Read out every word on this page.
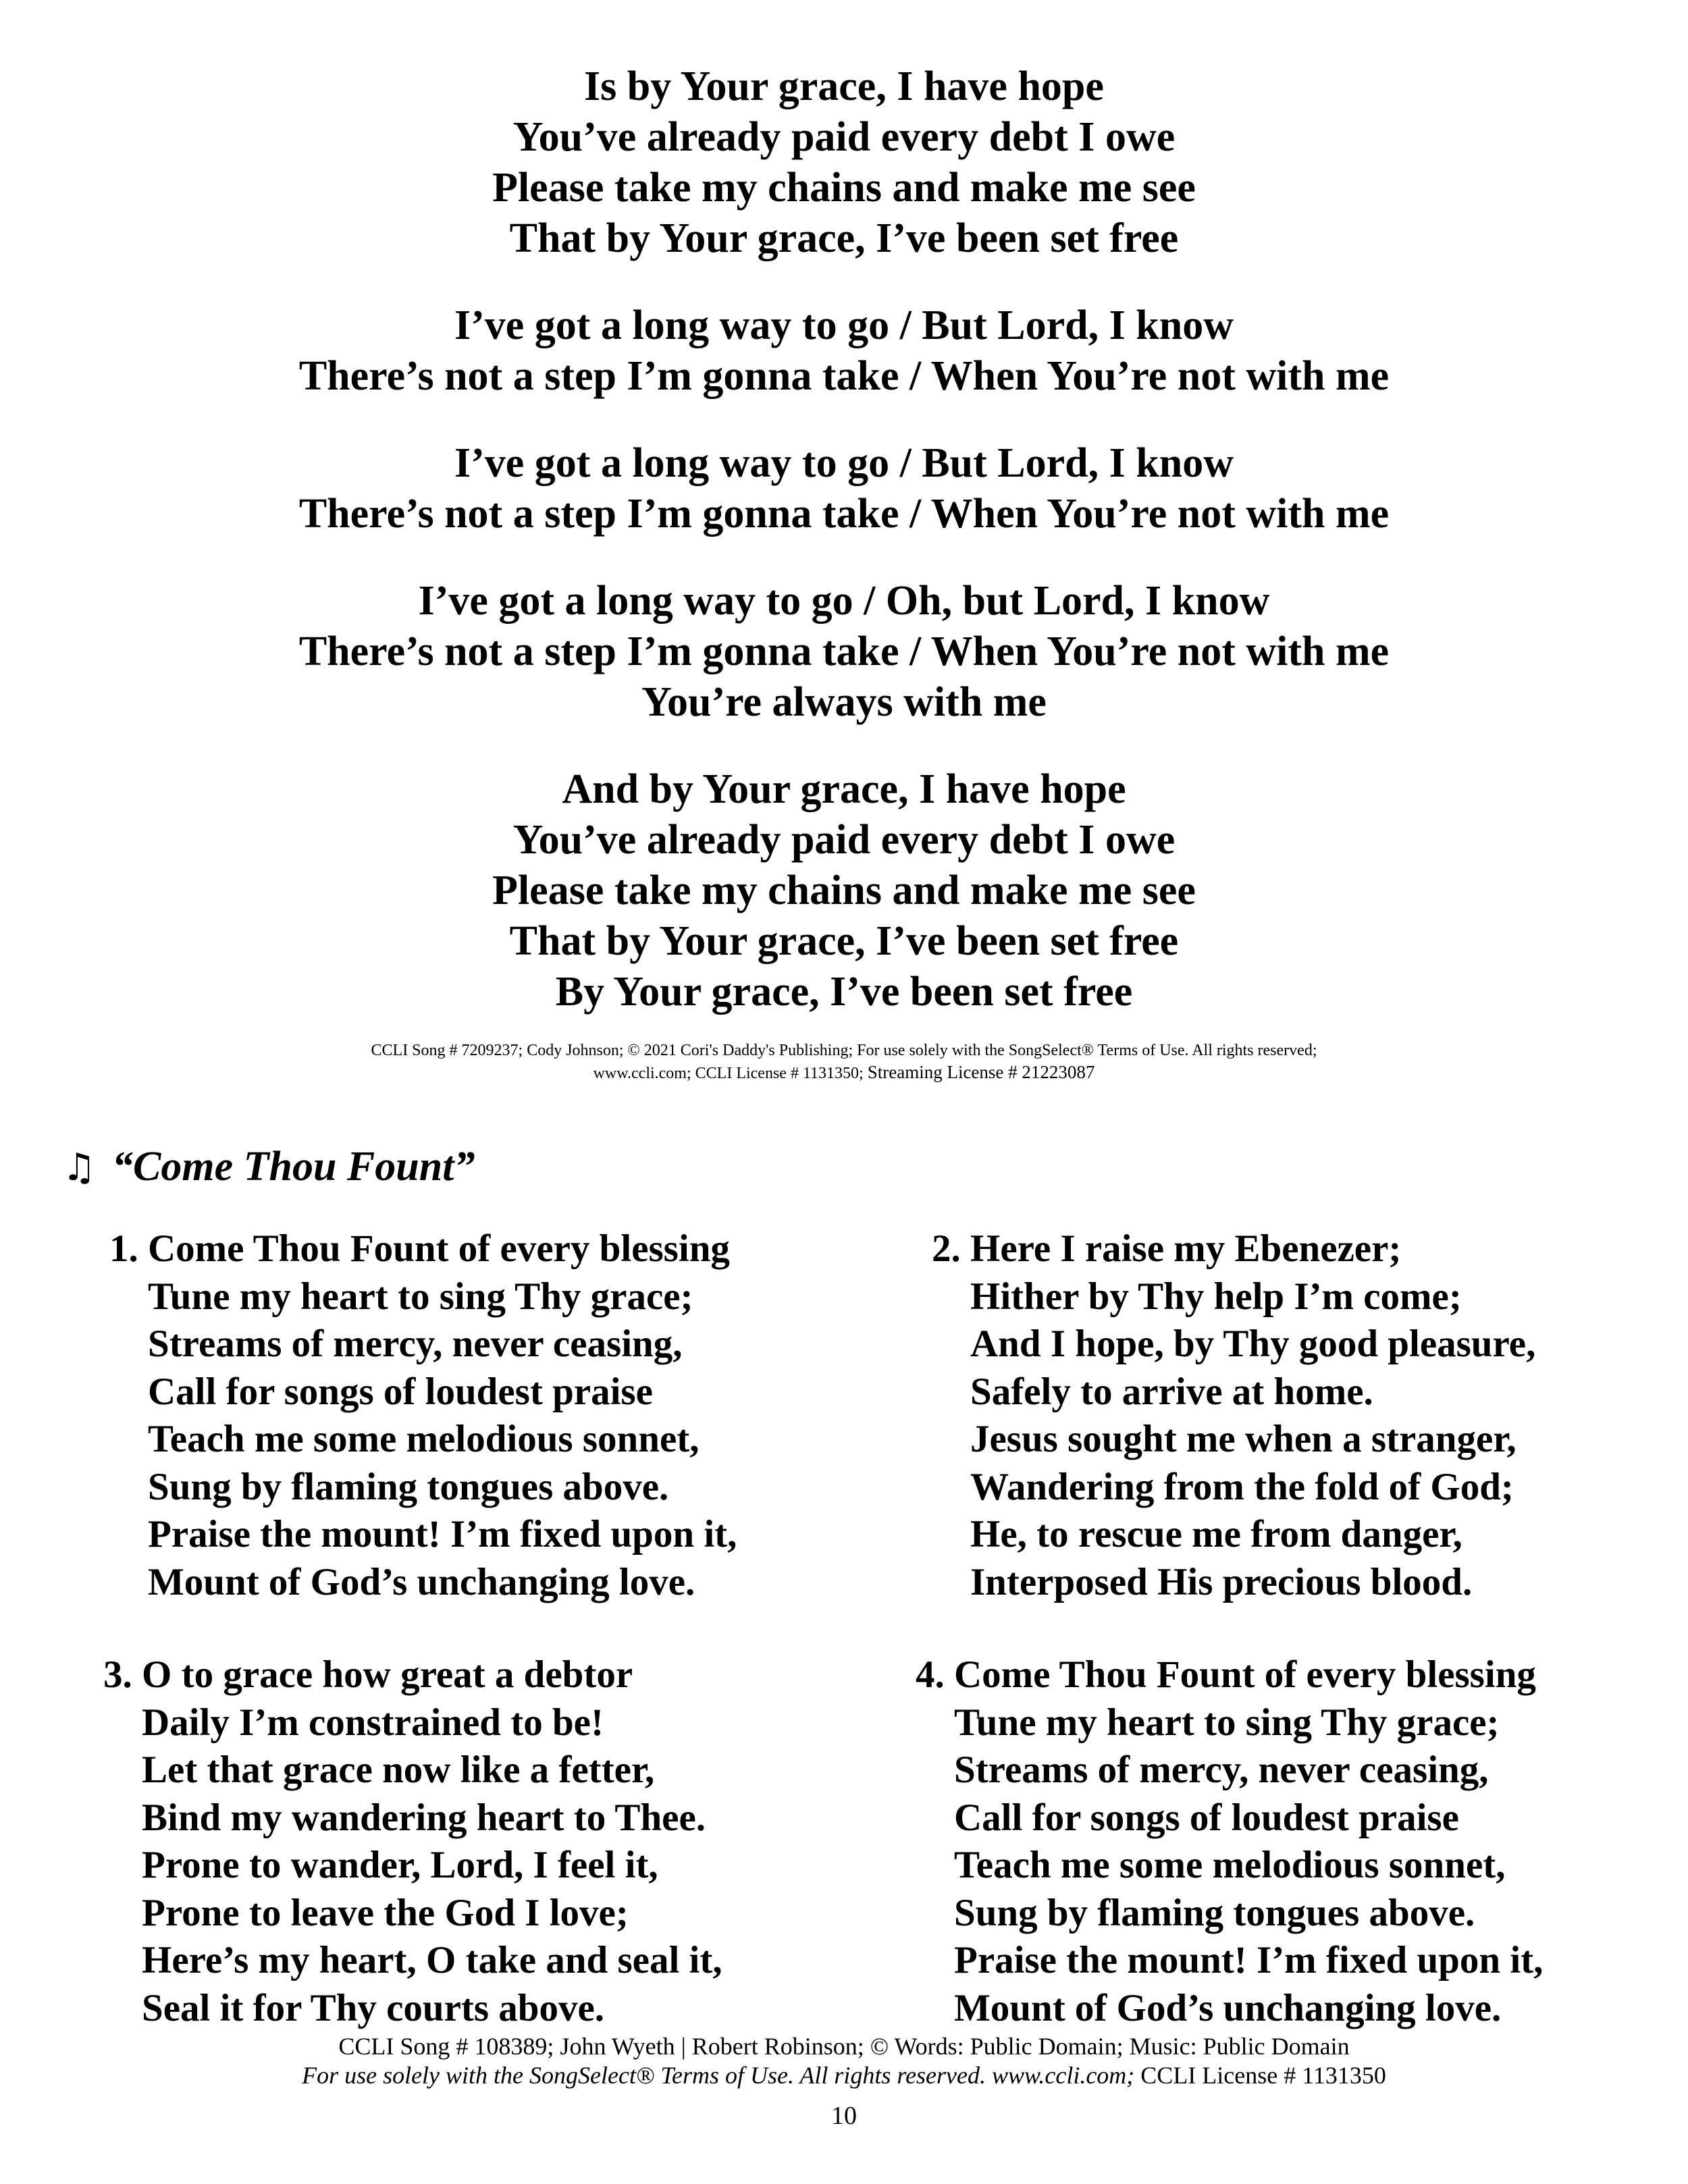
Is by Your grace, I have hope
You’ve already paid every debt I owe
Please take my chains and make me see
That by Your grace, I’ve been set free
I’ve got a long way to go / But Lord, I know
There’s not a step I’m gonna take / When You’re not with me
I’ve got a long way to go / But Lord, I know
There’s not a step I’m gonna take / When You’re not with me
I’ve got a long way to go / Oh, but Lord, I know
There’s not a step I’m gonna take / When You’re not with me
You’re always with me
And by Your grace, I have hope
You’ve already paid every debt I owe
Please take my chains and make me see
That by Your grace, I’ve been set free
By Your grace, I’ve been set free
CCLI Song # 7209237; Cody Johnson; © 2021 Cori's Daddy's Publishing; For use solely with the SongSelect® Terms of Use. All rights reserved;
www.ccli.com; CCLI License # 1131350; Streaming License # 21223087
♫ “Come Thou Fount”
1. Come Thou Fount of every blessing
Tune my heart to sing Thy grace;
Streams of mercy, never ceasing,
Call for songs of loudest praise
Teach me some melodious sonnet,
Sung by flaming tongues above.
Praise the mount! I’m fixed upon it,
Mount of God’s unchanging love.
2. Here I raise my Ebenezer;
Hither by Thy help I’m come;
And I hope, by Thy good pleasure,
Safely to arrive at home.
Jesus sought me when a stranger,
Wandering from the fold of God;
He, to rescue me from danger,
Interposed His precious blood.
3. O to grace how great a debtor
Daily I’m constrained to be!
Let that grace now like a fetter,
Bind my wandering heart to Thee.
Prone to wander, Lord, I feel it,
Prone to leave the God I love;
Here’s my heart, O take and seal it,
Seal it for Thy courts above.
4. Come Thou Fount of every blessing
Tune my heart to sing Thy grace;
Streams of mercy, never ceasing,
Call for songs of loudest praise
Teach me some melodious sonnet,
Sung by flaming tongues above.
Praise the mount! I’m fixed upon it,
Mount of God’s unchanging love.
CCLI Song # 108389; John Wyeth | Robert Robinson; © Words: Public Domain; Music: Public Domain
For use solely with the SongSelect® Terms of Use. All rights reserved. www.ccli.com; CCLI License # 1131350
10
